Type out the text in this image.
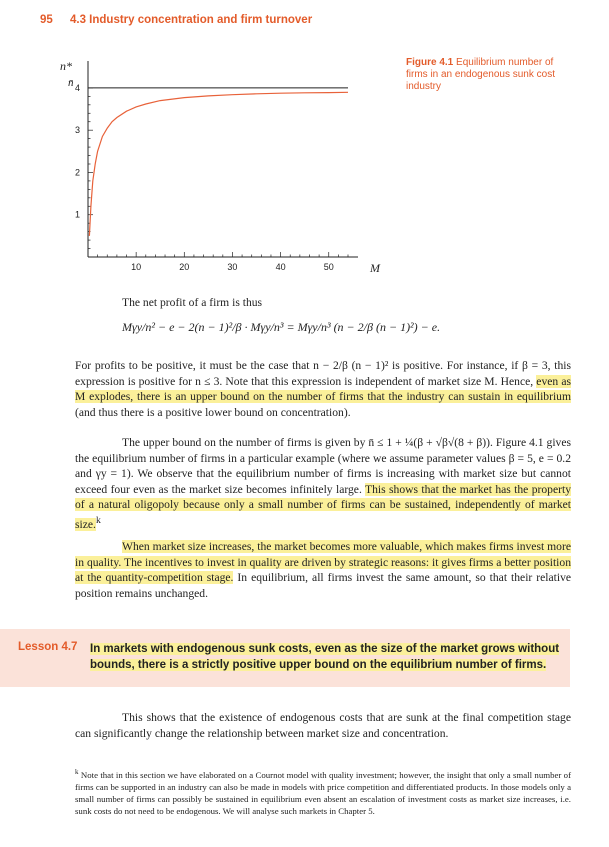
95 4.3 Industry concentration and firm turnover
10	20	30	40	50
1
2
3
4
n*
n̄
M
Figure 4.1 Equilibrium number of firms in an endogenous sunk cost industry
The net profit of a firm is thus
Mγy/n² − e − 2(n − 1)²/β · Mγy/n³ = Mγy/n³ (n − 2/β (n − 1)²) − e.
For profits to be positive, it must be the case that n − 2/β (n − 1)² is positive. For instance, if β = 3, this expression is positive for n ≤ 3. Note that this expression is independent of market size M. Hence, even as M explodes, there is an upper bound on the number of firms that the industry can sustain in equilibrium (and thus there is a positive lower bound on concentration).
The upper bound on the number of firms is given by n̄ ≤ 1 + ¼(β + √β√(8 + β)). Figure 4.1 gives the equilibrium number of firms in a particular example (where we assume parameter values β = 5, e = 0.2 and γy = 1). We observe that the equilibrium number of firms is increasing with market size but cannot exceed four even as the market size becomes infinitely large. This shows that the market has the property of a natural oligopoly because only a small number of firms can be sustained, independently of market size.$^k$
When market size increases, the market becomes more valuable, which makes firms invest more in quality. The incentives to invest in quality are driven by strategic reasons: it gives firms a better position at the quantity-competition stage. In equilibrium, all firms invest the same amount, so that their relative position remains unchanged.
Lesson 4.7 In markets with endogenous sunk costs, even as the size of the market grows without bounds, there is a strictly positive upper bound on the equilibrium number of firms.
This shows that the existence of endogenous costs that are sunk at the final competition stage can significantly change the relationship between market size and concentration.
$^k$ Note that in this section we have elaborated on a Cournot model with quality investment; however, the insight that only a small number of firms can be supported in an industry can also be made in models with price competition and differentiated products. In those models only a small number of firms can possibly be sustained in equilibrium even absent an escalation of investment costs as market size increases, i.e. sunk costs do not need to be endogenous. We will analyse such markets in Chapter 5.
